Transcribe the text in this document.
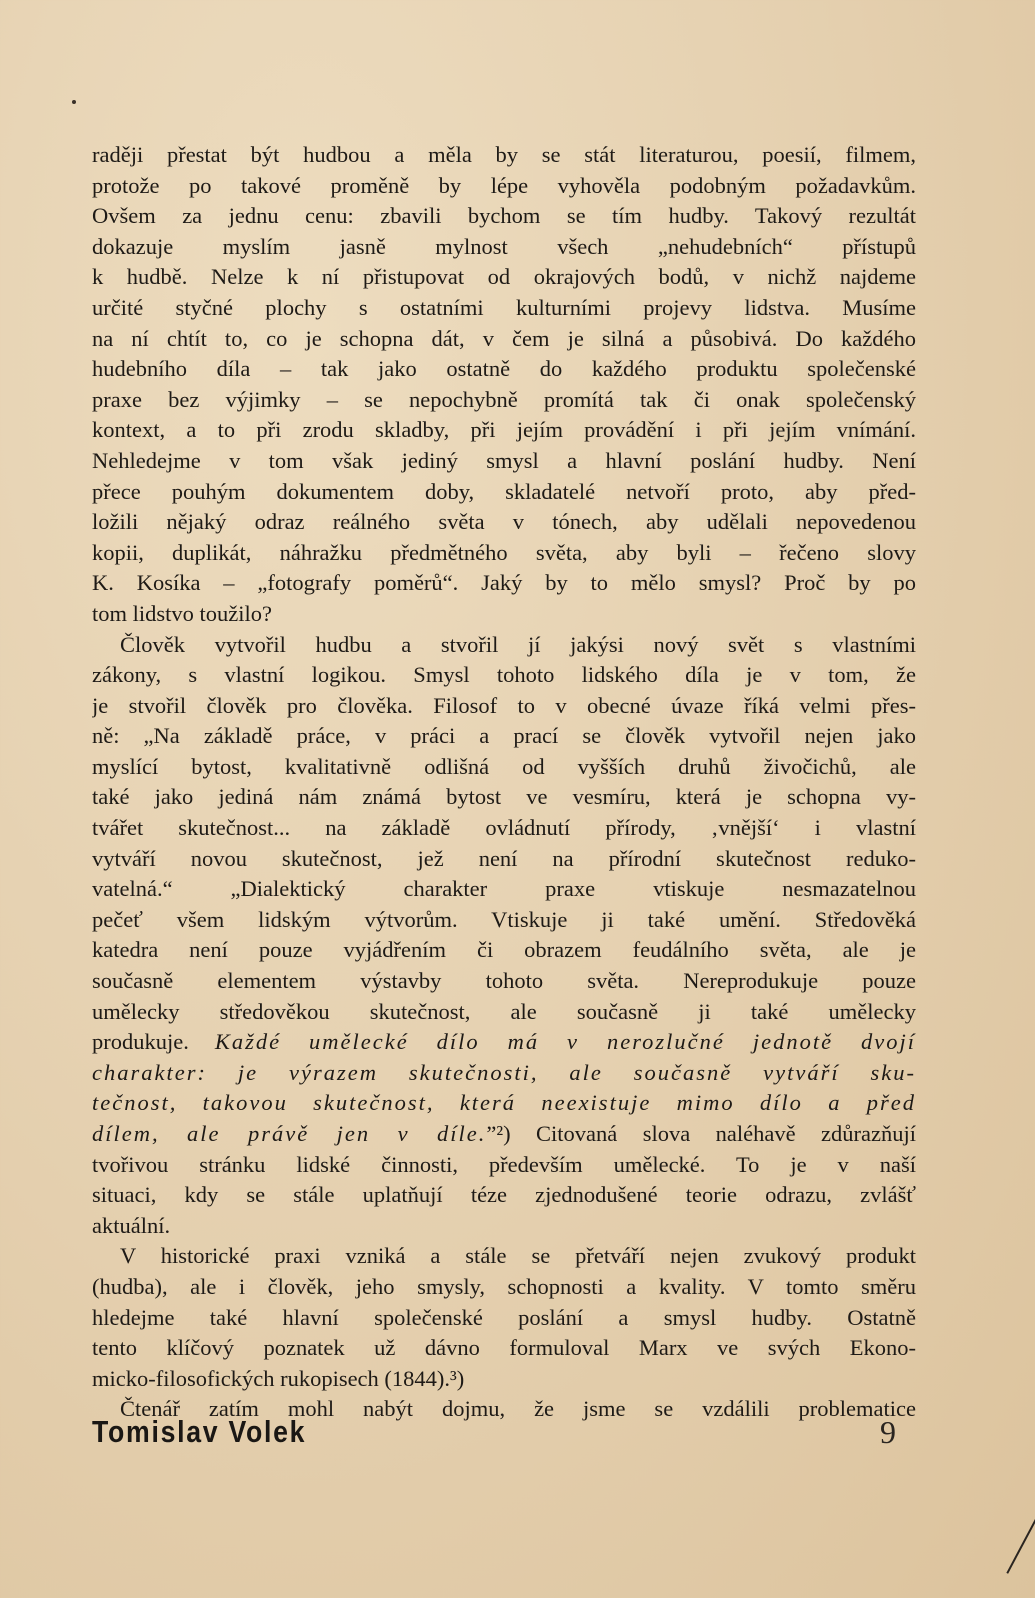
raději přestat být hudbou a měla by se stát literaturou, poesií, filmem,
protože po takové proměně by lépe vyhověla podobným požadavkům.
Ovšem za jednu cenu: zbavili bychom se tím hudby. Takový rezultát
dokazuje myslím jasně mylnost všech „nehudebních“ přístupů
k hudbě. Nelze k ní přistupovat od okrajových bodů, v nichž najdeme
určité styčné plochy s ostatními kulturními projevy lidstva. Musíme
na ní chtít to, co je schopna dát, v čem je silná a působivá. Do každého
hudebního díla – tak jako ostatně do každého produktu společenské
praxe bez výjimky – se nepochybně promítá tak či onak společenský
kontext, a to při zrodu skladby, při jejím provádění i při jejím vnímání.
Nehledejme v tom však jediný smysl a hlavní poslání hudby. Není
přece pouhým dokumentem doby, skladatelé netvoří proto, aby před-
ložili nějaký odraz reálného světa v tónech, aby udělali nepovedenou
kopii, duplikát, náhražku předmětného světa, aby byli – řečeno slovy
K. Kosíka – „fotografy poměrů“. Jaký by to mělo smysl? Proč by po
tom lidstvo toužilo?
Člověk vytvořil hudbu a stvořil jí jakýsi nový svět s vlastními
zákony, s vlastní logikou. Smysl tohoto lidského díla je v tom, že
je stvořil člověk pro člověka. Filosof to v obecné úvaze říká velmi přes-
ně: „Na základě práce, v práci a prací se člověk vytvořil nejen jako
myslící bytost, kvalitativně odlišná od vyšších druhů živočichů, ale
také jako jediná nám známá bytost ve vesmíru, která je schopna vy-
tvářet skutečnost... na základě ovládnutí přírody, ‚vnější‘ i vlastní
vytváří novou skutečnost, jež není na přírodní skutečnost reduko-
vatelná.“ „Dialektický charakter praxe vtiskuje nesmazatelnou
pečeť všem lidským výtvorům. Vtiskuje ji také umění. Středověká
katedra není pouze vyjádřením či obrazem feudálního světa, ale je
současně elementem výstavby tohoto světa. Nereprodukuje pouze
umělecky středověkou skutečnost, ale současně ji také umělecky
produkuje. Každé umělecké dílo má v nerozlučné jednotě dvojí
charakter: je výrazem skutečnosti, ale současně vytváří sku-
tečnost, takovou skutečnost, která neexistuje mimo dílo a před
dílem, ale právě jen v díle.”²) Citovaná slova naléhavě zdůrazňují
tvořivou stránku lidské činnosti, především umělecké. To je v naší
situaci, kdy se stále uplatňují téze zjednodušené teorie odrazu, zvlášť
aktuální.
V historické praxi vzniká a stále se přetváří nejen zvukový produkt
(hudba), ale i člověk, jeho smysly, schopnosti a kvality. V tomto směru
hledejme také hlavní společenské poslání a smysl hudby. Ostatně
tento klíčový poznatek už dávno formuloval Marx ve svých Ekono-
micko-filosofických rukopisech (1844).³)
Čtenář zatím mohl nabýt dojmu, že jsme se vzdálili problematice
Tomislav Volek	9
